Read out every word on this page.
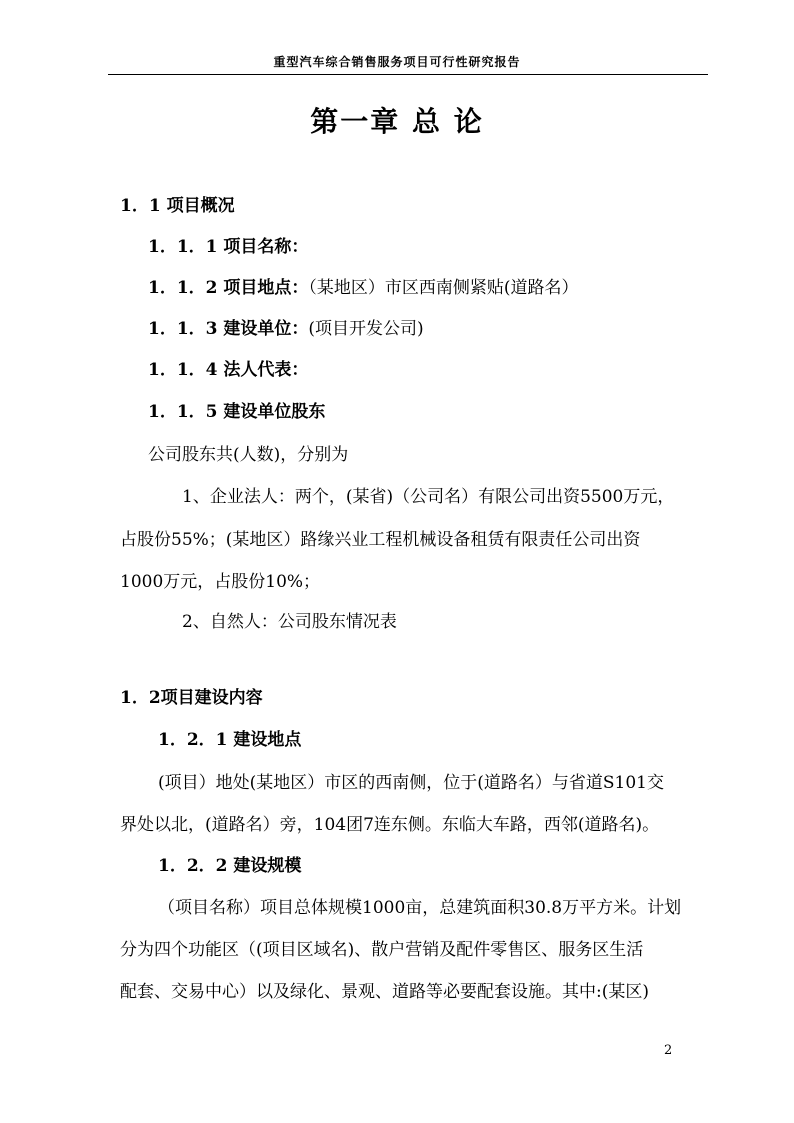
重型汽车综合销售服务项目可行性研究报告
第一章 总 论
1．1 项目概况
1．1．1 项目名称：
1．1．2 项目地点：（某地区）市区西南侧紧贴(道路名）
1．1．3 建设单位：(项目开发公司)
1．1．4 法人代表：
1．1．5 建设单位股东
公司股东共(人数)，分别为
1、企业法人：两个，(某省)（公司名）有限公司出资5500万元，
占股份55%；(某地区）路缘兴业工程机械设备租赁有限责任公司出资
1000万元，占股份10%；
2、自然人：公司股东情况表
1．2项目建设内容
1．2．1 建设地点
(项目）地处(某地区）市区的西南侧，位于(道路名）与省道S101交
界处以北，(道路名）旁，104团7连东侧。东临大车路，西邻(道路名)。
1．2．2 建设规模
（项目名称）项目总体规模1000亩，总建筑面积30.8万平方米。计划
分为四个功能区（(项目区域名)、散户营销及配件零售区、服务区生活
配套、交易中心）以及绿化、景观、道路等必要配套设施。其中:(某区)
2
